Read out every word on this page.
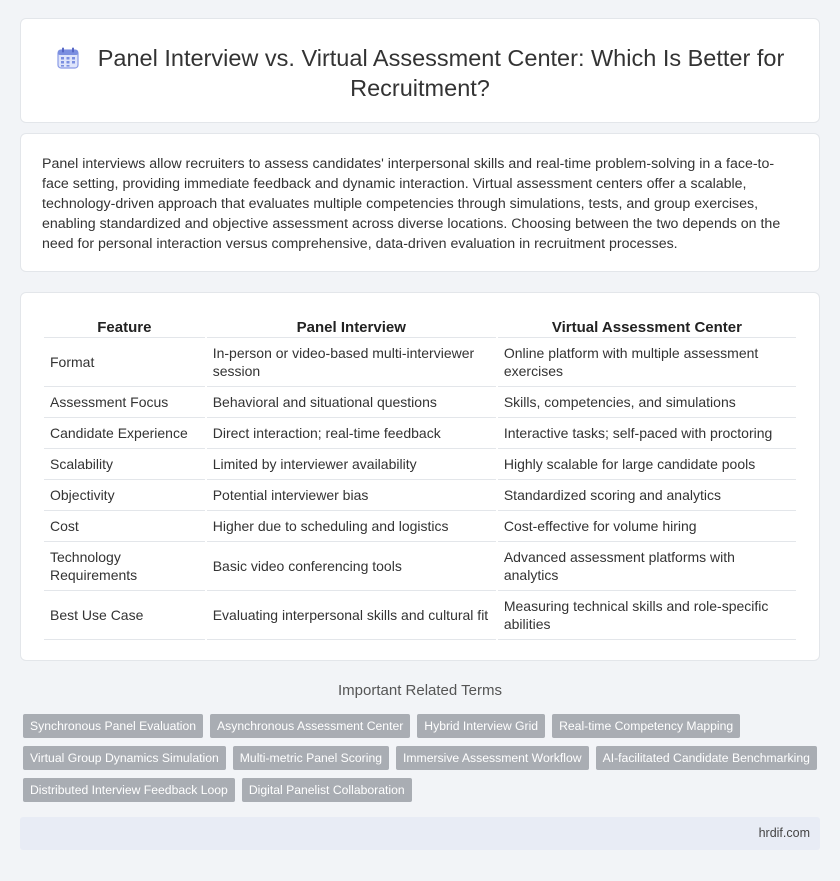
Panel Interview vs. Virtual Assessment Center: Which Is Better for Recruitment?

Panel interviews allow recruiters to assess candidates' interpersonal skills and real-time problem-solving in a face-to-face setting, providing immediate feedback and dynamic interaction. Virtual assessment centers offer a scalable, technology-driven approach that evaluates multiple competencies through simulations, tests, and group exercises, enabling standardized and objective assessment across diverse locations. Choosing between the two depends on the need for personal interaction versus comprehensive, data-driven evaluation in recruitment processes.

Feature	Panel Interview	Virtual Assessment Center
Format	In-person or video-based multi-interviewer session	Online platform with multiple assessment exercises
Assessment Focus	Behavioral and situational questions	Skills, competencies, and simulations
Candidate Experience	Direct interaction; real-time feedback	Interactive tasks; self-paced with proctoring
Scalability	Limited by interviewer availability	Highly scalable for large candidate pools
Objectivity	Potential interviewer bias	Standardized scoring and analytics
Cost	Higher due to scheduling and logistics	Cost-effective for volume hiring
Technology Requirements	Basic video conferencing tools	Advanced assessment platforms with analytics
Best Use Case	Evaluating interpersonal skills and cultural fit	Measuring technical skills and role-specific abilities
Important Related Terms
Synchronous Panel Evaluation	Asynchronous Assessment Center	Hybrid Interview Grid	Real-time Competency Mapping
Virtual Group Dynamics Simulation	Multi-metric Panel Scoring	Immersive Assessment Workflow	AI-facilitated Candidate Benchmarking
Distributed Interview Feedback Loop	Digital Panelist Collaboration
hrdif.com
